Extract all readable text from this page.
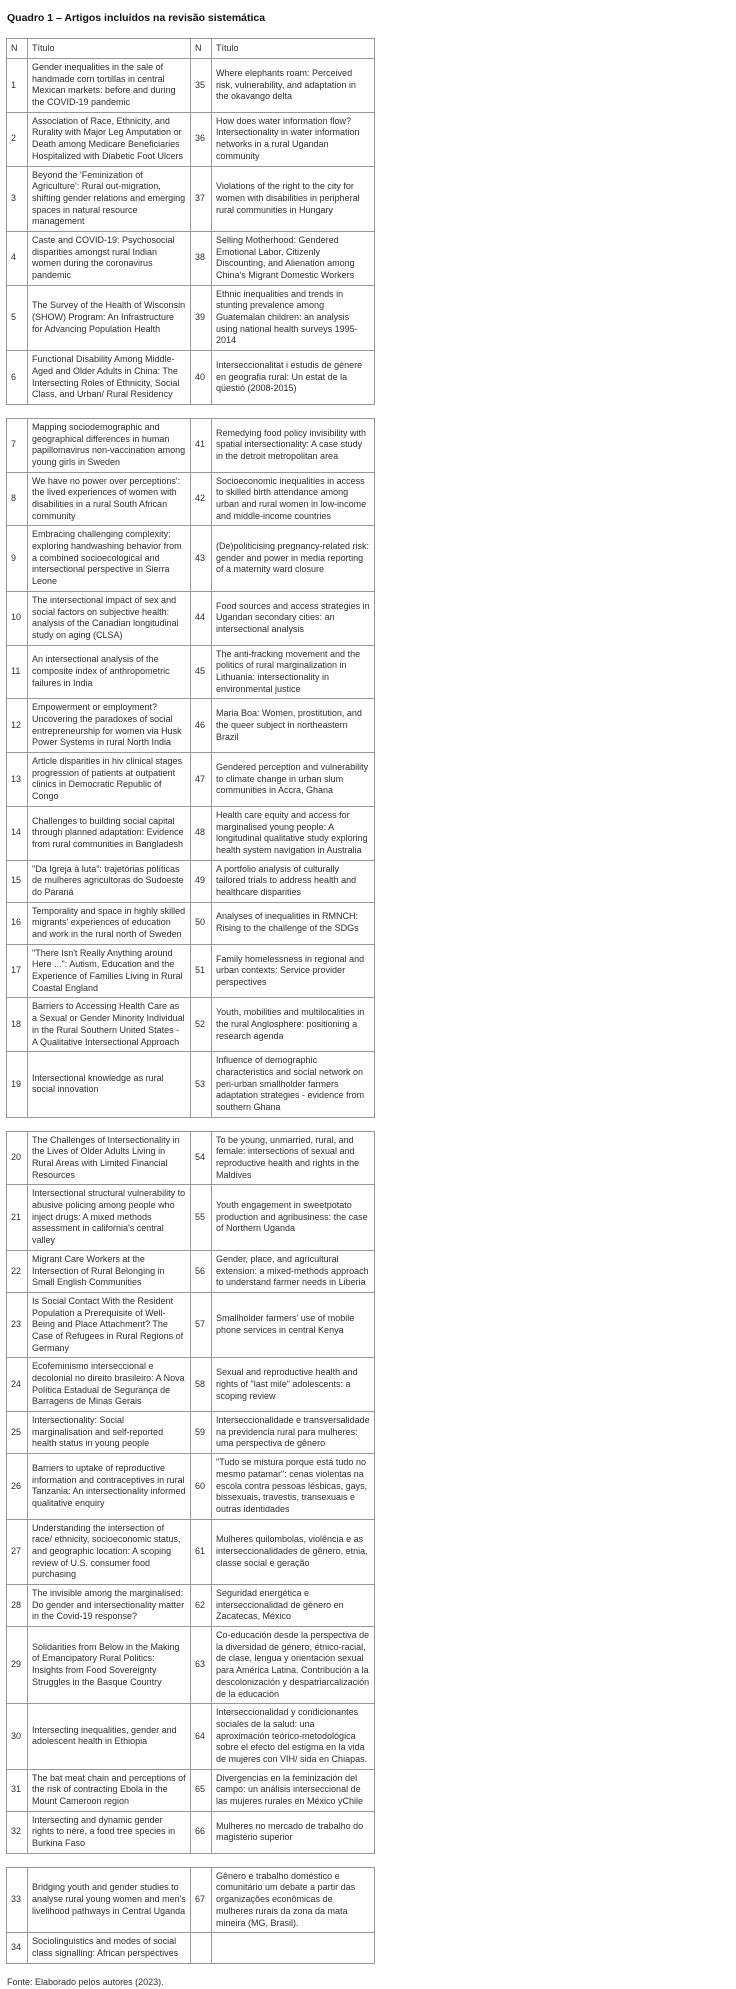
Quadro 1 – Artigos incluídos na revisão sistemática
N	Título	N	Título
1	Gender inequalities in the sale of handmade corn tortillas in central Mexican markets: before and during the COVID-19 pandemic	35	Where elephants roam: Perceived risk, vulnerability, and adaptation in the okavango delta
2	Association of Race, Ethnicity, and Rurality with Major Leg Amputation or Death among Medicare Beneficiaries Hospitalized with Diabetic Foot Ulcers	36	How does water information flow? Intersectionality in water information networks in a rural Ugandan community
3	Beyond the 'Feminization of Agriculture': Rural out-migration, shifting gender relations and emerging spaces in natural resource management	37	Violations of the right to the city for women with disabilities in peripheral rural communities in Hungary
4	Caste and COVID-19: Psychosocial disparities amongst rural Indian women during the coronavirus pandemic	38	Selling Motherhood: Gendered Emotional Labor, Citizenly Discounting, and Alienation among China's Migrant Domestic Workers
5	The Survey of the Health of Wisconsin (SHOW) Program: An Infrastructure for Advancing Population Health	39	Ethnic inequalities and trends in stunting prevalence among Guatemalan children: an analysis using national health surveys 1995-2014
6	Functional Disability Among Middle-Aged and Older Adults in China: The Intersecting Roles of Ethnicity, Social Class, and Urban/ Rural Residency	40	Interseccionalitat i estudis de gènere en geografia rural: Un estat de la qüestió (2008-2015)
7	Mapping sociodemographic and geographical differences in human papillomavirus non-vaccination among young girls in Sweden	41	Remedying food policy invisibility with spatial intersectionality: A case study in the detroit metropolitan area
8	We have no power over perceptions': the lived experiences of women with disabilities in a rural South African community	42	Socioeconomic inequalities in access to skilled birth attendance among urban and rural women in low-income and middle-income countries
9	Embracing challenging complexity: exploring handwashing behavior from a combined socioecological and intersectional perspective in Sierra Leone	43	(De)politicising pregnancy-related risk: gender and power in media reporting of a maternity ward closure
10	The intersectional impact of sex and social factors on subjective health: analysis of the Canadian longitudinal study on aging (CLSA)	44	Food sources and access strategies in Ugandan secondary cities: an intersectional analysis
11	An intersectional analysis of the composite index of anthropometric failures in India	45	The anti-fracking movement and the politics of rural marginalization in Lithuania: intersectionality in environmental justice
12	Empowerment or employment? Uncovering the paradoxes of social entrepreneurship for women via Husk Power Systems in rural North India	46	Maria Boa: Women, prostitution, and the queer subject in northeastern Brazil
13	Article disparities in hiv clinical stages progression of patients at outpatient clinics in Democratic Republic of Congo	47	Gendered perception and vulnerability to climate change in urban slum communities in Accra, Ghana
14	Challenges to building social capital through planned adaptation: Evidence from rural communities in Bangladesh	48	Health care equity and access for marginalised young people: A longitudinal qualitative study exploring health system navigation in Australia
15	"Da Igreja à luta": trajetórias políticas de mulheres agricultoras do Sudoeste do Paraná	49	A portfolio analysis of culturally tailored trials to address health and healthcare disparities
16	Temporality and space in highly skilled migrants' experiences of education and work in the rural north of Sweden	50	Analyses of inequalities in RMNCH: Rising to the challenge of the SDGs
17	"There Isn't Really Anything around Here ...": Autism, Education and the Experience of Families Living in Rural Coastal England	51	Family homelessness in regional and urban contexts: Service provider perspectives
18	Barriers to Accessing Health Care as a Sexual or Gender Minority Individual in the Rural Southern United States - A Qualitative Intersectional Approach	52	Youth, mobilities and multilocalities in the rural Anglosphere: positioning a research agenda
19	Intersectional knowledge as rural social innovation	53	Influence of demographic characteristics and social network on peri-urban smallholder farmers adaptation strategies - evidence from southern Ghana
20	The Challenges of Intersectionality in the Lives of Older Adults Living in Rural Areas with Limited Financial Resources	54	To be young, unmarried, rural, and female: intersections of sexual and reproductive health and rights in the Maldives
21	Intersectional structural vulnerability to abusive policing among people who inject drugs: A mixed methods assessment in california's central valley	55	Youth engagement in sweetpotato production and agribusiness: the case of Northern Uganda
22	Migrant Care Workers at the Intersection of Rural Belonging in Small English Communities	56	Gender, place, and agricultural extension: a mixed-methods approach to understand farmer needs in Liberia
23	Is Social Contact With the Resident Population a Prerequisite of Well-Being and Place Attachment? The Case of Refugees in Rural Regions of Germany	57	Smallholder farmers' use of mobile phone services in central Kenya
24	Ecofeminismo interseccional e decolonial no direito brasileiro: A Nova Política Estadual de Segurança de Barragens de Minas Gerais	58	Sexual and reproductive health and rights of "last mile" adolescents: a scoping review
25	Intersectionality: Social marginalisation and self-reported health status in young people	59	Interseccionalidade e transversalidade na previdencia rural para mulheres: uma perspectiva de gênero
26	Barriers to uptake of reproductive information and contraceptives in rural Tanzania: An intersectionality informed qualitative enquiry	60	"Tudo se mistura porque está tudo no mesmo patamar": cenas violentas na escola contra pessoas lésbicas, gays, bissexuais, travestis, transexuais e outras identidades
27	Understanding the intersection of race/ ethnicity, socioeconomic status, and geographic location: A scoping review of U.S. consumer food purchasing	61	Mulheres quilombolas, violência e as interseccionalidades de gênero, etnia, classe social e geração
28	The invisible among the marginalised: Do gender and intersectionality matter in the Covid-19 response?	62	Seguridad energética e interseccionalidad de género en Zacatecas, México
29	Solidarities from Below in the Making of Emancipatory Rural Politics: Insights from Food Sovereignty Struggles in the Basque Country	63	Co-educación desde la perspectiva de la diversidad de género, étnico-racial, de clase, lengua y orientación sexual para América Latina. Contribución a la descolonización y despatriarcalización de la educación
30	Intersecting inequalities, gender and adolescent health in Ethiopia	64	Interseccionalidad y condicionantes sociales de la salud: una aproximación teórico-metodológica sobre el efecto del estigma en la vida de mujeres con VIH/ sida en Chiapas.
31	The bat meat chain and perceptions of the risk of contracting Ebola in the Mount Cameroon region	65	Divergencias en la feminización del campo: un análisis interseccional de las mujeres rurales en México yChile
32	Intersecting and dynamic gender rights to néré, a food tree species in Burkina Faso	66	Mulheres no mercado de trabalho do magistério superior
33	Bridging youth and gender studies to analyse rural young women and men's livelihood pathways in Central Uganda	67	Gênero e trabalho doméstico e comunitário um debate a partir das organizações econômicas de mulheres rurais da zona da mata mineira (MG, Brasil).
34	Sociolinguistics and modes of social class signalling: African perspectives		
Fonte: Elaborado pelos autores (2023).
